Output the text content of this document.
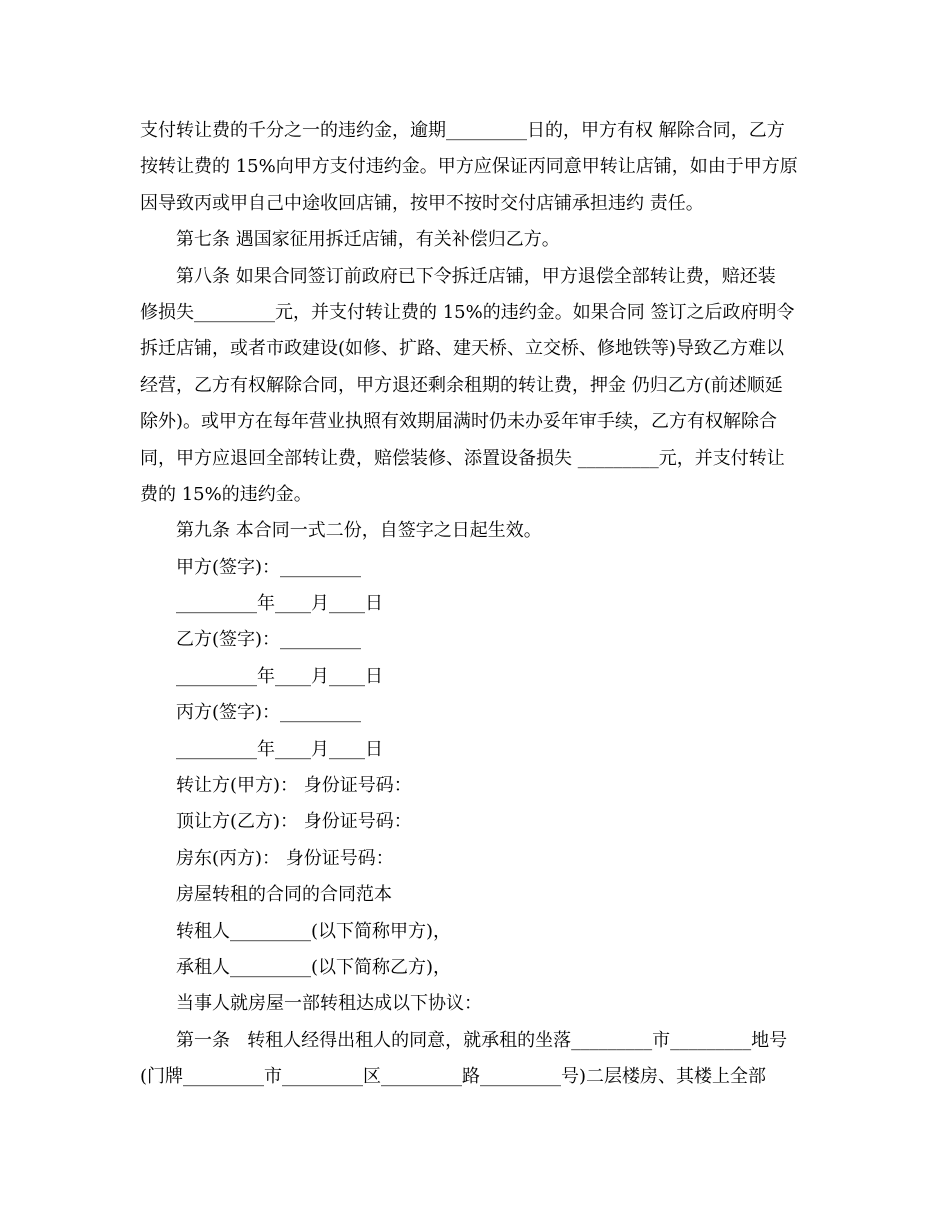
支付转让费的千分之一的违约金，逾期_________日的，甲方有权 解除合同，乙方
按转让费的 15%向甲方支付违约金。甲方应保证丙同意甲转让店铺，如由于甲方原
因导致丙或甲自己中途收回店铺，按甲不按时交付店铺承担违约 责任。
第七条 遇国家征用拆迁店铺，有关补偿归乙方。
第八条 如果合同签订前政府已下令拆迁店铺，甲方退偿全部转让费，赔还装
修损失_________元，并支付转让费的 15%的违约金。如果合同 签订之后政府明令
拆迁店铺，或者市政建设(如修、扩路、建天桥、立交桥、修地铁等)导致乙方难以
经营，乙方有权解除合同，甲方退还剩余租期的转让费，押金 仍归乙方(前述顺延
除外)。或甲方在每年营业执照有效期届满时仍未办妥年审手续，乙方有权解除合
同，甲方应退回全部转让费，赔偿装修、添置设备损失 _________元，并支付转让
费的 15%的违约金。
第九条 本合同一式二份，自签字之日起生效。
甲方(签字)：_________
_________年____月____日
乙方(签字)：_________
_________年____月____日
丙方(签字)：_________
_________年____月____日
转让方(甲方)： 身份证号码：
顶让方(乙方)： 身份证号码：
房东(丙方)： 身份证号码：
房屋转租的合同的合同范本
转租人_________(以下简称甲方)，
承租人_________(以下简称乙方)，
当事人就房屋一部转租达成以下协议：
第一条   转租人经得出租人的同意，就承租的坐落_________市_________地号
(门牌_________市_________区_________路_________号)二层楼房、其楼上全部
